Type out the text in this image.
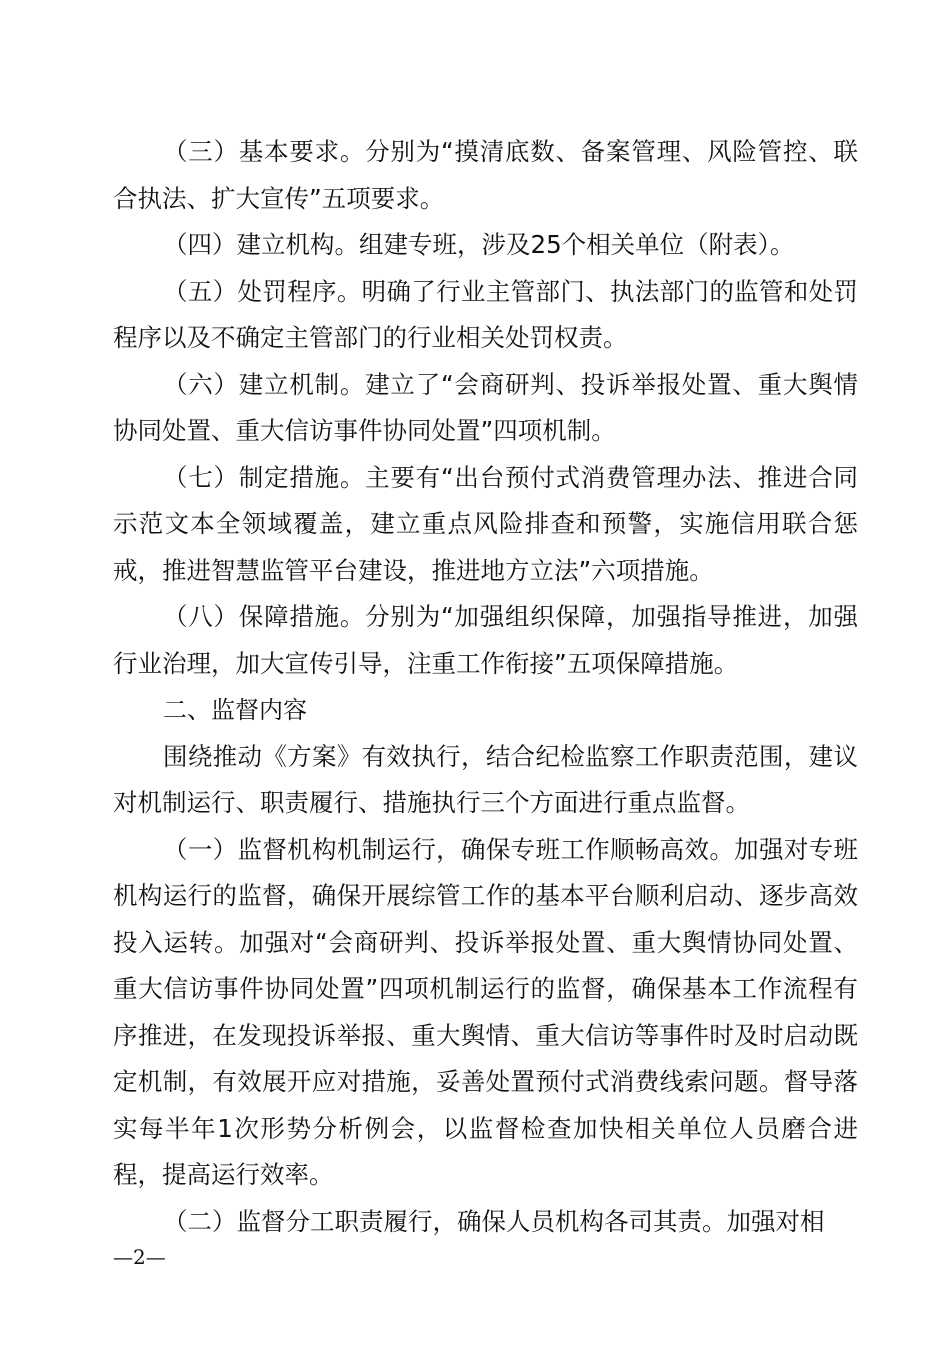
（三）基本要求。分别为“摸清底数、备案管理、风险管控、联合执法、扩大宣传”五项要求。

（四）建立机构。组建专班，涉及25个相关单位（附表）。

（五）处罚程序。明确了行业主管部门、执法部门的监管和处罚程序以及不确定主管部门的行业相关处罚权责。

（六）建立机制。建立了“会商研判、投诉举报处置、重大舆情协同处置、重大信访事件协同处置”四项机制。

（七）制定措施。主要有“出台预付式消费管理办法、推进合同示范文本全领域覆盖，建立重点风险排查和预警，实施信用联合惩戒，推进智慧监管平台建设，推进地方立法”六项措施。

（八）保障措施。分别为“加强组织保障，加强指导推进，加强行业治理，加大宣传引导，注重工作衔接”五项保障措施。

二、监督内容

围绕推动《方案》有效执行，结合纪检监察工作职责范围，建议对机制运行、职责履行、措施执行三个方面进行重点监督。

（一）监督机构机制运行，确保专班工作顺畅高效。加强对专班机构运行的监督，确保开展综管工作的基本平台顺利启动、逐步高效投入运转。加强对“会商研判、投诉举报处置、重大舆情协同处置、重大信访事件协同处置”四项机制运行的监督，确保基本工作流程有序推进，在发现投诉举报、重大舆情、重大信访等事件时及时启动既定机制，有效展开应对措施，妥善处置预付式消费线索问题。督导落实每半年1次形势分析例会，以监督检查加快相关单位人员磨合进程，提高运行效率。

（二）监督分工职责履行，确保人员机构各司其责。加强对相

—2—
